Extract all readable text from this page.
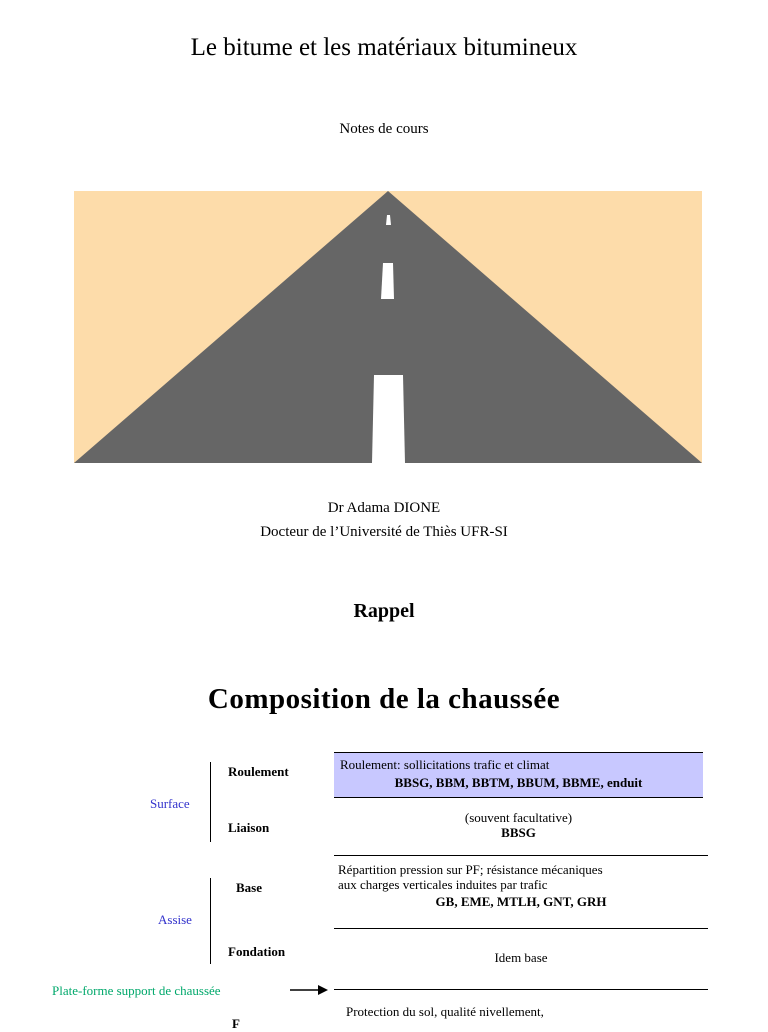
Le bitume et les matériaux bitumineux
Notes de cours
Dr Adama DIONE
Docteur de l’Université de Thiès UFR-SI
Rappel
Composition de la chaussée
Surface
Roulement
Liaison
Roulement: sollicitations trafic et climat
BBSG, BBM, BBTM, BBUM, BBME, enduit
(souvent facultative)
BBSG
Assise
Base
Fondation
Répartition pression sur PF; résistance mécaniques
aux charges verticales induites par trafic
GB, EME, MTLH, GNT, GRH
Idem base
Plate-forme support de chaussée
F
Protection du sol, qualité nivellement,
